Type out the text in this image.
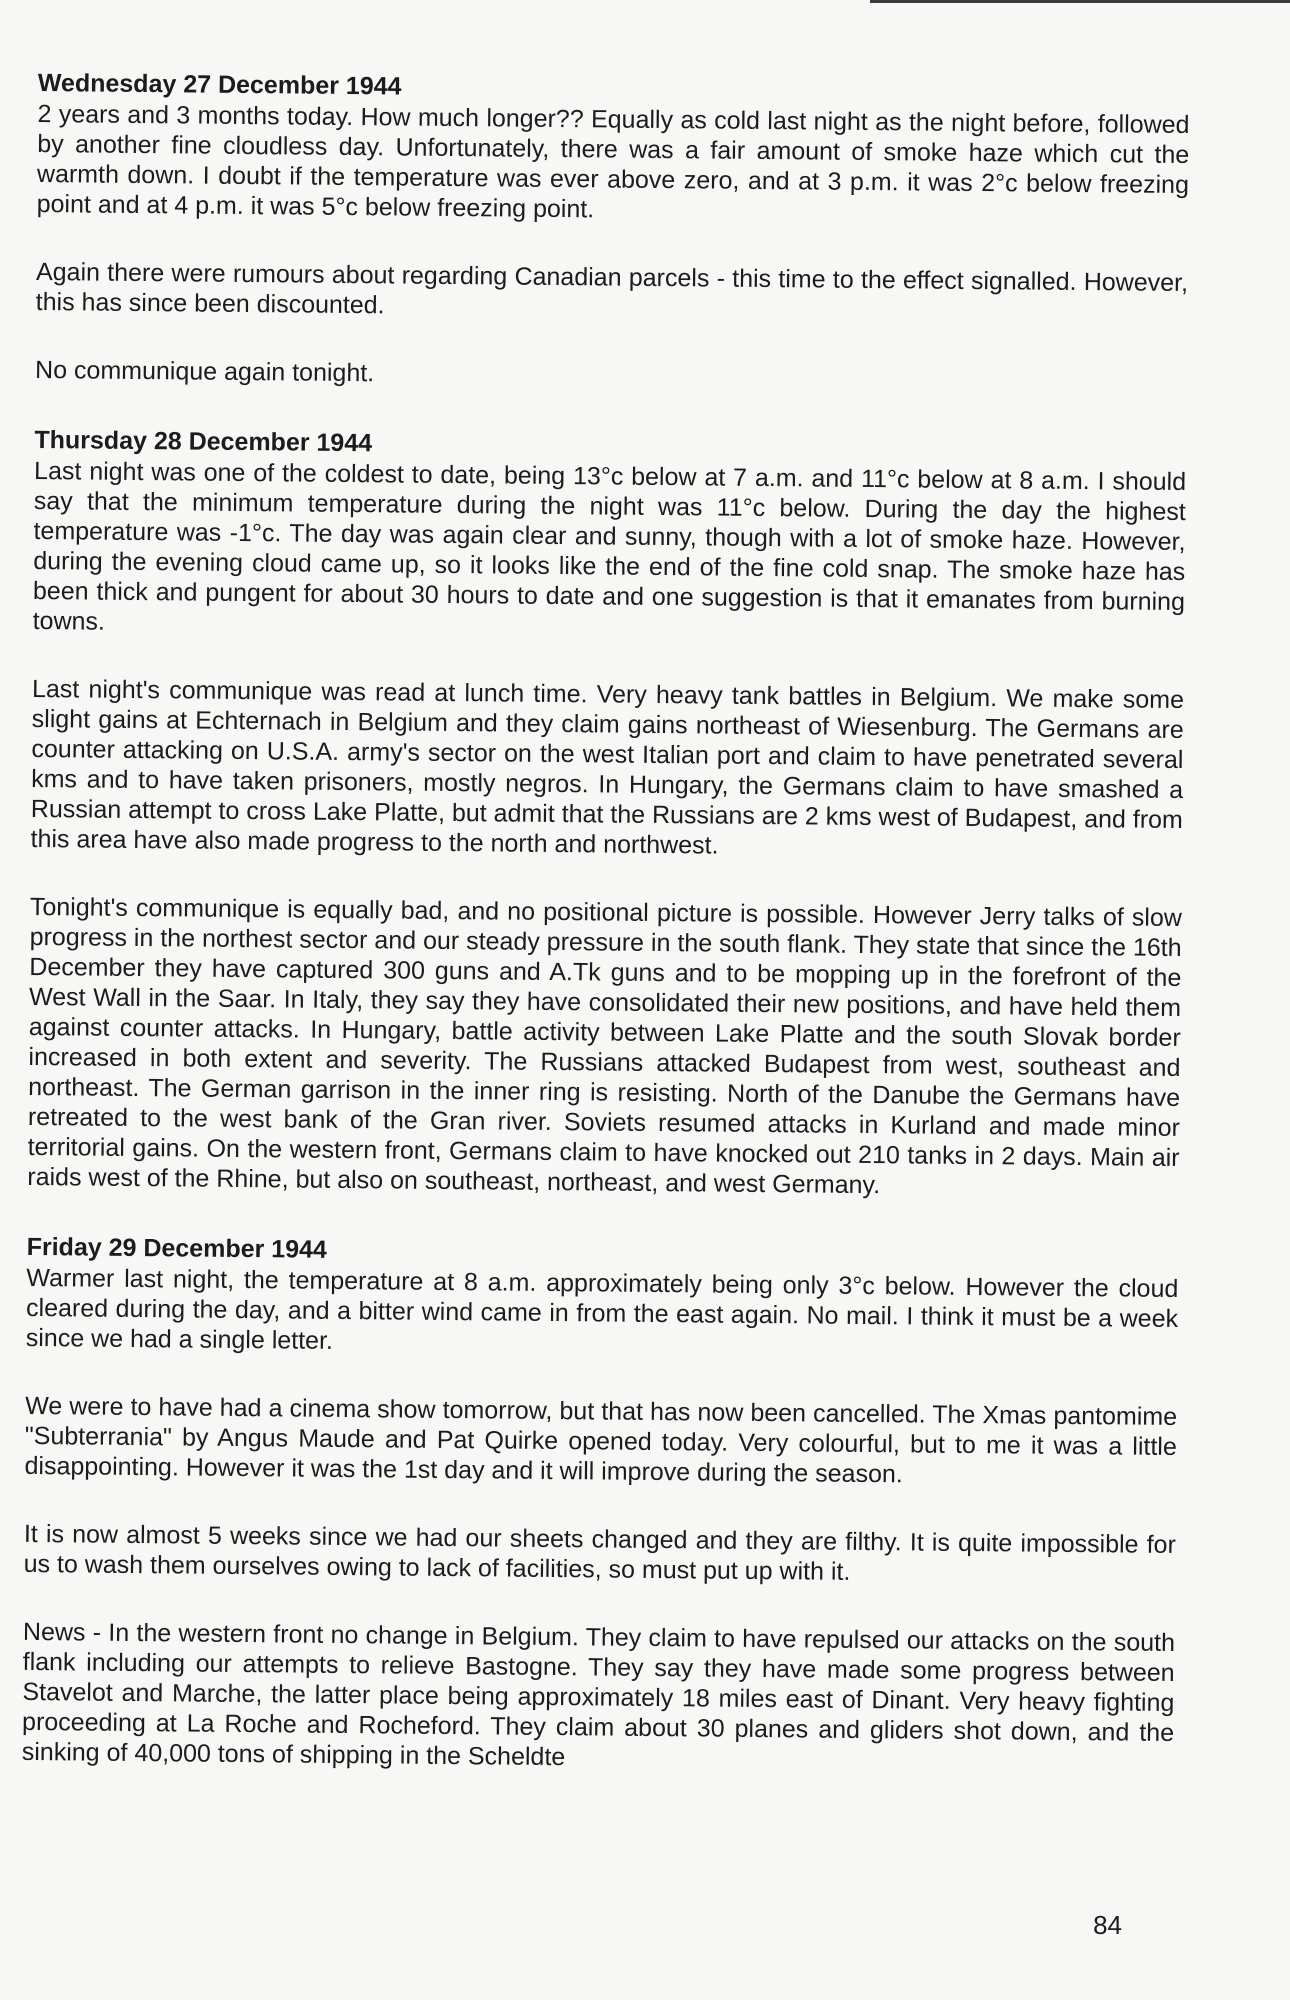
Wednesday 27 December 1944

2 years and 3 months today. How much longer?? Equally as cold last night as the night before, followed by another fine cloudless day. Unfortunately, there was a fair amount of smoke haze which cut the warmth down. I doubt if the temperature was ever above zero, and at 3 p.m. it was 2°c below freezing point and at 4 p.m. it was 5°c below freezing point.

Again there were rumours about regarding Canadian parcels - this time to the effect signalled. However, this has since been discounted.

No communique again tonight.

Thursday 28 December 1944

Last night was one of the coldest to date, being 13°c below at 7 a.m. and 11°c below at 8 a.m. I should say that the minimum temperature during the night was 11°c below. During the day the highest temperature was -1°c. The day was again clear and sunny, though with a lot of smoke haze. However, during the evening cloud came up, so it looks like the end of the fine cold snap. The smoke haze has been thick and pungent for about 30 hours to date and one suggestion is that it emanates from burning towns.

Last night's communique was read at lunch time. Very heavy tank battles in Belgium. We make some slight gains at Echternach in Belgium and they claim gains northeast of Wiesenburg. The Germans are counter attacking on U.S.A. army's sector on the west Italian port and claim to have penetrated several kms and to have taken prisoners, mostly negros. In Hungary, the Germans claim to have smashed a Russian attempt to cross Lake Platte, but admit that the Russians are 2 kms west of Budapest, and from this area have also made progress to the north and northwest.

Tonight's communique is equally bad, and no positional picture is possible. However Jerry talks of slow progress in the northest sector and our steady pressure in the south flank. They state that since the 16th December they have captured 300 guns and A.Tk guns and to be mopping up in the forefront of the West Wall in the Saar. In Italy, they say they have consolidated their new positions, and have held them against counter attacks. In Hungary, battle activity between Lake Platte and the south Slovak border increased in both extent and severity. The Russians attacked Budapest from west, southeast and northeast. The German garrison in the inner ring is resisting. North of the Danube the Germans have retreated to the west bank of the Gran river. Soviets resumed attacks in Kurland and made minor territorial gains. On the western front, Germans claim to have knocked out 210 tanks in 2 days. Main air raids west of the Rhine, but also on southeast, northeast, and west Germany.

Friday 29 December 1944

Warmer last night, the temperature at 8 a.m. approximately being only 3°c below. However the cloud cleared during the day, and a bitter wind came in from the east again. No mail. I think it must be a week since we had a single letter.

We were to have had a cinema show tomorrow, but that has now been cancelled. The Xmas pantomime "Subterrania" by Angus Maude and Pat Quirke opened today. Very colourful, but to me it was a little disappointing. However it was the 1st day and it will improve during the season.

It is now almost 5 weeks since we had our sheets changed and they are filthy. It is quite impossible for us to wash them ourselves owing to lack of facilities, so must put up with it.

News - In the western front no change in Belgium. They claim to have repulsed our attacks on the south flank including our attempts to relieve Bastogne. They say they have made some progress between Stavelot and Marche, the latter place being approximately 18 miles east of Dinant. Very heavy fighting proceeding at La Roche and Rocheford. They claim about 30 planes and gliders shot down, and the sinking of 40,000 tons of shipping in the Scheldte

84
